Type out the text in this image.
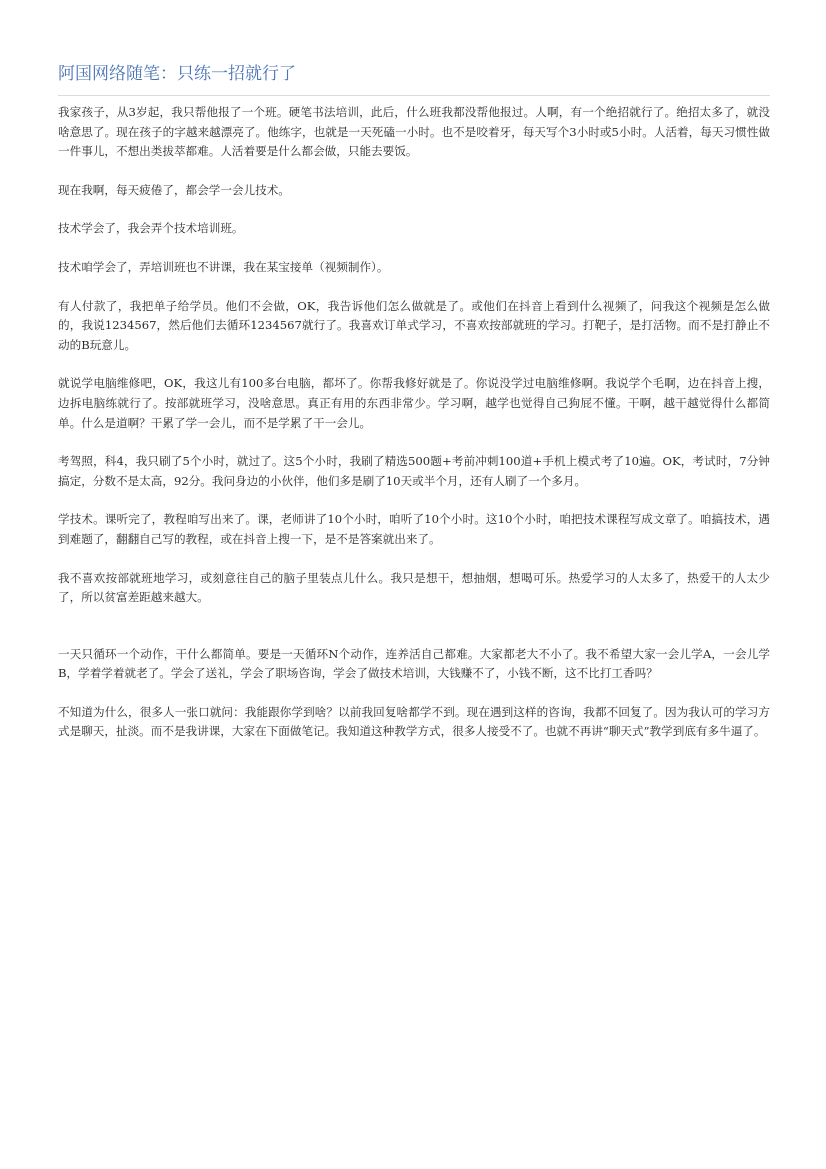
阿国网络随笔：只练一招就行了

我家孩子，从3岁起，我只帮他报了一个班。硬笔书法培训，此后，什么班我都没帮他报过。人啊，有一个绝招就行了。绝招太多了，就没啥意思了。现在孩子的字越来越漂亮了。他练字，也就是一天死磕一小时。也不是咬着牙，每天写个3小时或5小时。人活着，每天习惯性做一件事儿，不想出类拔萃都难。人活着要是什么都会做，只能去要饭。

现在我啊，每天疲倦了，都会学一会儿技术。

技术学会了，我会弄个技术培训班。

技术咱学会了，弄培训班也不讲课，我在某宝接单（视频制作）。

有人付款了，我把单子给学员。他们不会做，OK，我告诉他们怎么做就是了。或他们在抖音上看到什么视频了，问我这个视频是怎么做的，我说1234567，然后他们去循环1234567就行了。我喜欢订单式学习，不喜欢按部就班的学习。打靶子，是打活物。而不是打静止不动的B玩意儿。

就说学电脑维修吧，OK，我这儿有100多台电脑，都坏了。你帮我修好就是了。你说没学过电脑维修啊。我说学个毛啊，边在抖音上搜，边拆电脑练就行了。按部就班学习，没啥意思。真正有用的东西非常少。学习啊，越学也觉得自己狗屁不懂。干啊，越干越觉得什么都简单。什么是道啊？干累了学一会儿，而不是学累了干一会儿。

考驾照，科4，我只刷了5个小时，就过了。这5个小时，我刷了精选500题+考前冲刺100道+手机上模式考了10遍。OK，考试时，7分钟搞定，分数不是太高，92分。我问身边的小伙伴，他们多是刷了10天或半个月，还有人刷了一个多月。

学技术。课听完了，教程咱写出来了。课，老师讲了10个小时，咱听了10个小时。这10个小时，咱把技术课程写成文章了。咱搞技术，遇到难题了，翻翻自己写的教程，或在抖音上搜一下，是不是答案就出来了。

我不喜欢按部就班地学习，或刻意往自己的脑子里装点儿什么。我只是想干，想抽烟，想喝可乐。热爱学习的人太多了，热爱干的人太少了，所以贫富差距越来越大。

一天只循环一个动作，干什么都简单。要是一天循环N个动作，连养活自己都难。大家都老大不小了。我不希望大家一会儿学A，一会儿学B，学着学着就老了。学会了送礼，学会了职场咨询，学会了做技术培训，大钱赚不了，小钱不断，这不比打工香吗？

不知道为什么，很多人一张口就问：我能跟你学到啥？以前我回复啥都学不到。现在遇到这样的咨询，我都不回复了。因为我认可的学习方式是聊天，扯淡。而不是我讲课，大家在下面做笔记。我知道这种教学方式，很多人接受不了。也就不再讲“聊天式”教学到底有多牛逼了。
